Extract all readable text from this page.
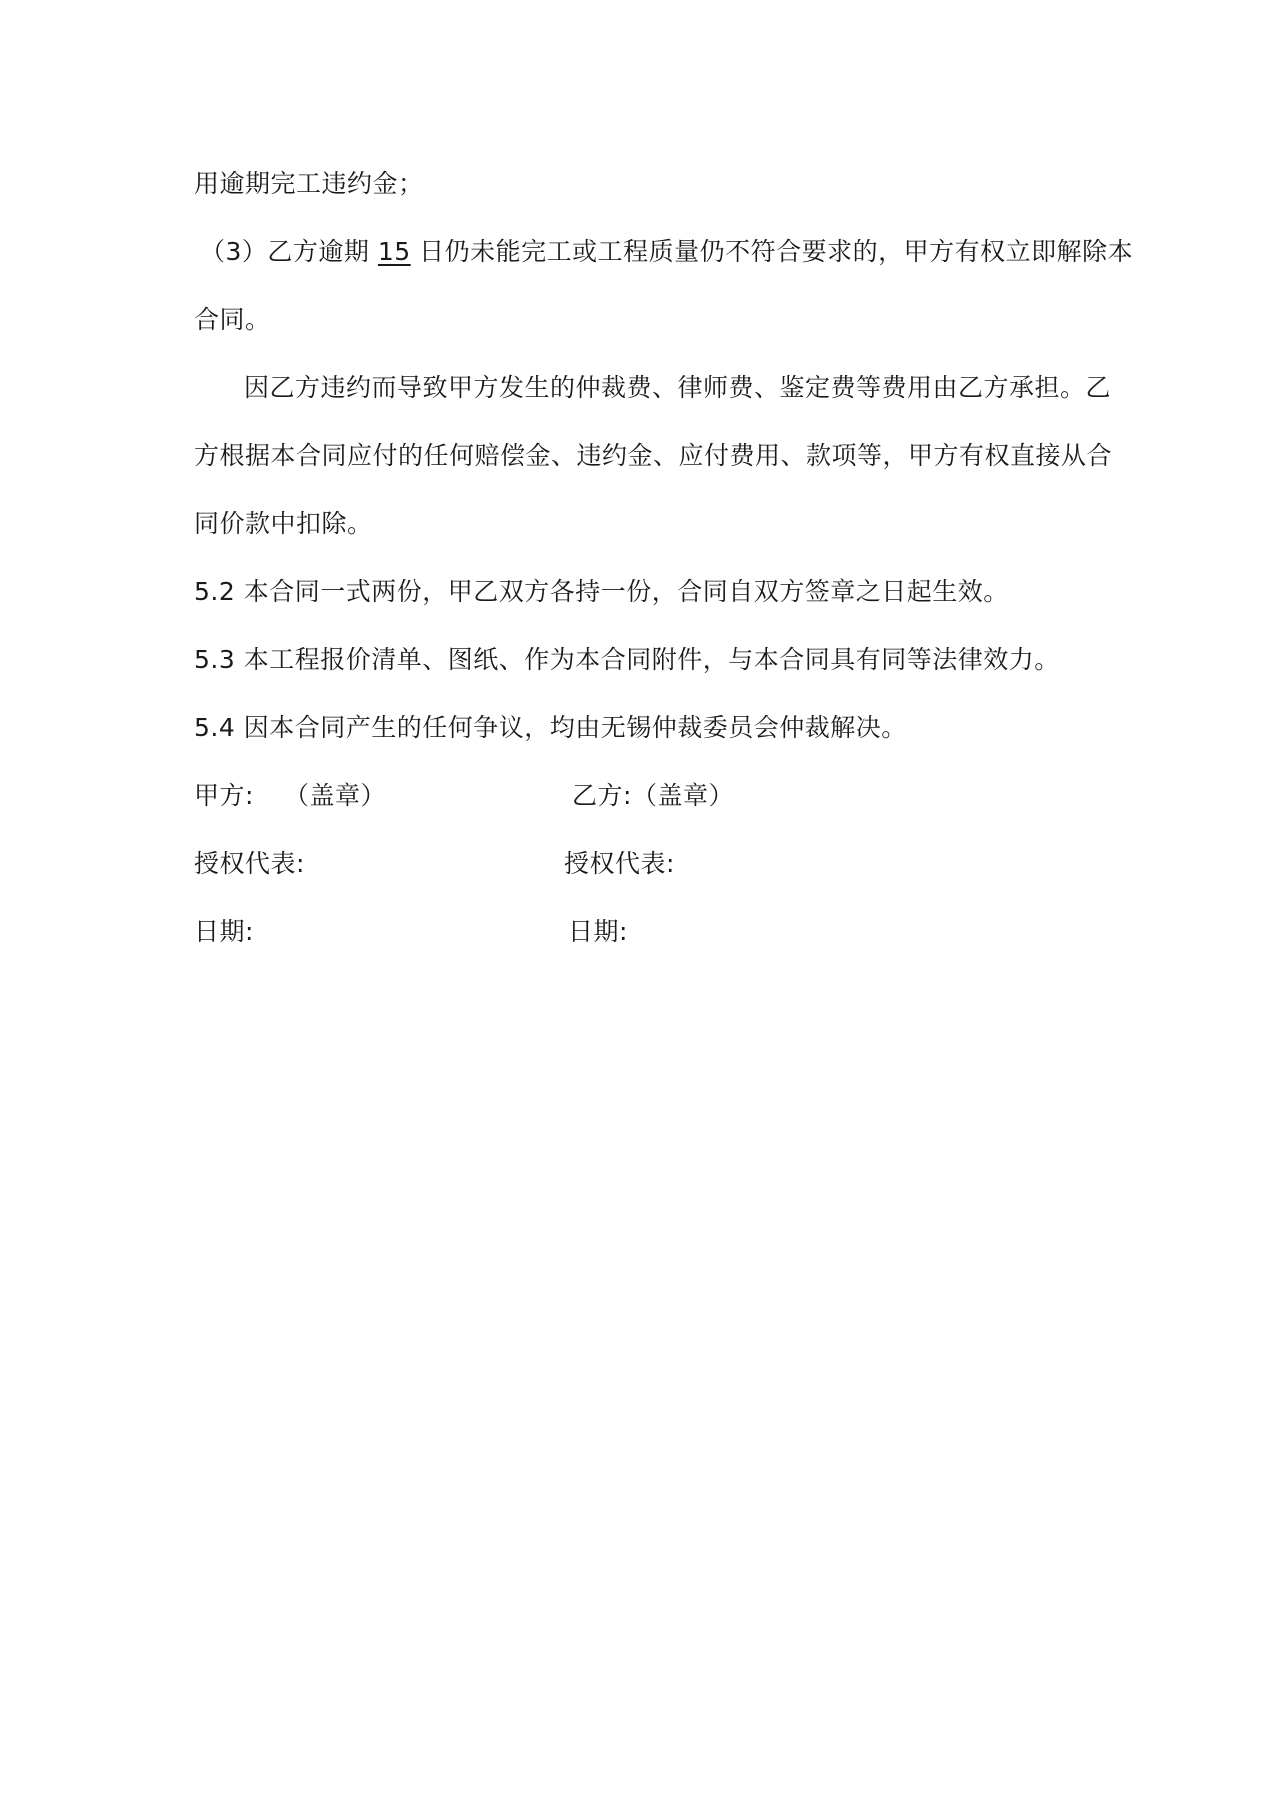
用逾期完工违约金；
（3）乙方逾期 15 日仍未能完工或工程质量仍不符合要求的，甲方有权立即解除本
合同。
因乙方违约而导致甲方发生的仲裁费、律师费、鉴定费等费用由乙方承担。乙
方根据本合同应付的任何赔偿金、违约金、应付费用、款项等，甲方有权直接从合
同价款中扣除。
5.2 本合同一式两份，甲乙双方各持一份，合同自双方签章之日起生效。
5.3 本工程报价清单、图纸、作为本合同附件，与本合同具有同等法律效力。
5.4 因本合同产生的任何争议，均由无锡仲裁委员会仲裁解决。
甲方: （盖章）	乙方:（盖章）
授权代表:	授权代表:
日期:	日期:
